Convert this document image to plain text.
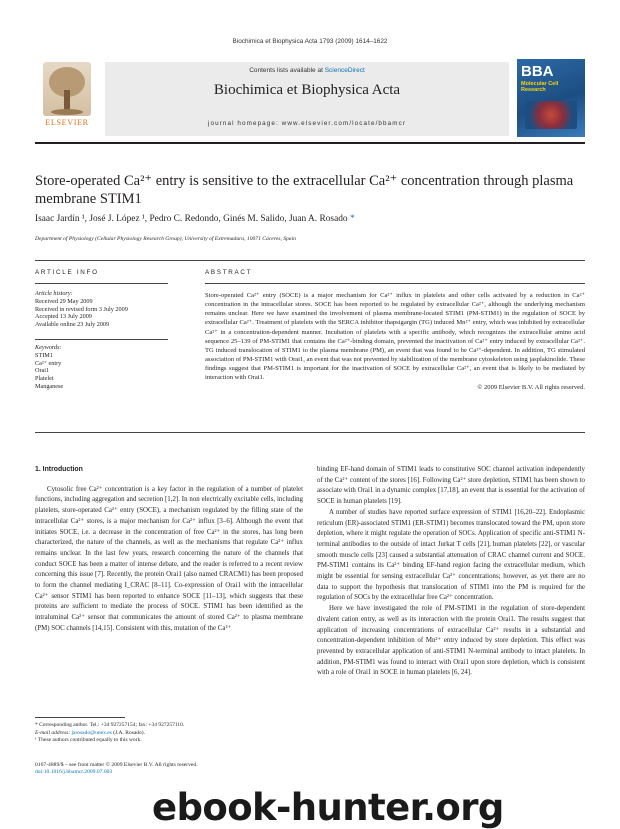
Biochimica et Biophysica Acta 1793 (2009) 1614–1622
ELSEVIER
Contents lists available at ScienceDirect
Biochimica et Biophysica Acta
journal homepage: www.elsevier.com/locate/bbamcr
BBA
Molecular Cell Research
Store-operated Ca²⁺ entry is sensitive to the extracellular Ca²⁺ concentration through plasma membrane STIM1
Isaac Jardín ¹, José J. López ¹, Pedro C. Redondo, Ginés M. Salido, Juan A. Rosado *
Department of Physiology (Cellular Physiology Research Group), University of Extremadura, 10071 Cáceres, Spain
ARTICLE INFO	ABSTRACT
Article history:
Received 29 May 2009
Received in revised form 3 July 2009
Accepted 13 July 2009
Available online 23 July 2009
Keywords:
STIM1
Ca²⁺ entry
Orai1
Platelet
Manganese

Store-operated Ca²⁺ entry (SOCE) is a major mechanism for Ca²⁺ influx in platelets and other cells activated by a reduction in Ca²⁺ concentration in the intracellular stores. SOCE has been reported to be regulated by extracellular Ca²⁺, although the underlying mechanism remains unclear. Here we have examined the involvement of plasma membrane-located STIM1 (PM-STIM1) in the regulation of SOCE by extracellular Ca²⁺. Treatment of platelets with the SERCA inhibitor thapsigargin (TG) induced Mn²⁺ entry, which was inhibited by extracellular Ca²⁺ in a concentration-dependent manner. Incubation of platelets with a specific antibody, which recognizes the extracellular amino acid sequence 25–139 of PM-STIM1 that contains the Ca²⁺-binding domain, prevented the inactivation of Ca²⁺ entry induced by extracellular Ca²⁺. TG induced translocation of STIM1 to the plasma membrane (PM), an event that was found to be Ca²⁺-dependent. In addition, TG stimulated association of PM-STIM1 with Orai1, an event that was not prevented by stabilization of the membrane cytoskeleton using jasplakinolide. These findings suggest that PM-STIM1 is important for the inactivation of SOCE by extracellular Ca²⁺, an event that is likely to be mediated by interaction with Orai1.

© 2009 Elsevier B.V. All rights reserved.
1. Introduction

Cytosolic free Ca²⁺ concentration is a key factor in the regulation of a number of platelet functions, including aggregation and secretion [1,2]. In non electrically excitable cells, including platelets, store-operated Ca²⁺ entry (SOCE), a mechanism regulated by the filling state of the intracellular Ca²⁺ stores, is a major mechanism for Ca²⁺ influx [3–6]. Although the event that initiates SOCE, i.e. a decrease in the concentration of free Ca²⁺ in the stores, has long been characterized, the nature of the channels, as well as the mechanisms that regulate Ca²⁺ influx remains unclear. In the last few years, research concerning the nature of the channels that conduct SOCE has been a matter of intense debate, and the reader is referred to a recent review concerning this issue [7]. Recently, the protein Orai1 (also named CRACM1) has been proposed to form the channel mediating I_CRAC [8–11]. Co-expression of Orai1 with the intracellular Ca²⁺ sensor STIM1 has been reported to enhance SOCE [11–13], which suggests that these proteins are sufficient to mediate the process of SOCE. STIM1 has been identified as the intraluminal Ca²⁺ sensor that communicates the amount of stored Ca²⁺ to plasma membrane (PM) SOC channels [14,15]. Consistent with this, mutation of the Ca²⁺

binding EF-hand domain of STIM1 leads to constitutive SOC channel activation independently of the Ca²⁺ content of the stores [16]. Following Ca²⁺ store depletion, STIM1 has been shown to associate with Orai1 in a dynamic complex [17,18], an event that is essential for the activation of SOCE in human platelets [19].

A number of studies have reported surface expression of STIM1 [16,20–22]. Endoplasmic reticulum (ER)-associated STIM1 (ER-STIM1) becomes translocated toward the PM, upon store depletion, where it might regulate the operation of SOCs. Application of specific anti-STIM1 N-terminal antibodies to the outside of intact Jurkat T cells [21], human platelets [22], or vascular smooth muscle cells [23] caused a substantial attenuation of CRAC channel current and SOCE. PM-STIM1 contains its Ca²⁺ binding EF-hand region facing the extracellular medium, which might be essential for sensing extracellular Ca²⁺ concentrations; however, as yet there are no data to support the hypothesis that translocation of STIM1 into the PM is required for the regulation of SOCs by the extracellular free Ca²⁺ concentration.

Here we have investigated the role of PM-STIM1 in the regulation of store-dependent divalent cation entry, as well as its interaction with the protein Orai1. The results suggest that application of increasing concentrations of extracellular Ca²⁺ results in a substantial and concentration-dependent inhibition of Mn²⁺ entry induced by store depletion. This effect was prevented by extracellular application of anti-STIM1 N-terminal antibody to intact platelets. In addition, PM-STIM1 was found to interact with Orai1 upon store depletion, which is consistent with a role of Orai1 in SOCE in human platelets [6, 24].

* Corresponding author. Tel.: +34 927257154; fax: +34 927257110.
E-mail address: jarosado@unex.es (J.A. Rosado).
¹ These authors contributed equally to this work.
0167-4889/$ – see front matter © 2009 Elsevier B.V. All rights reserved.
doi:10.1016/j.bbamcr.2009.07.003
ebook-hunter.org
